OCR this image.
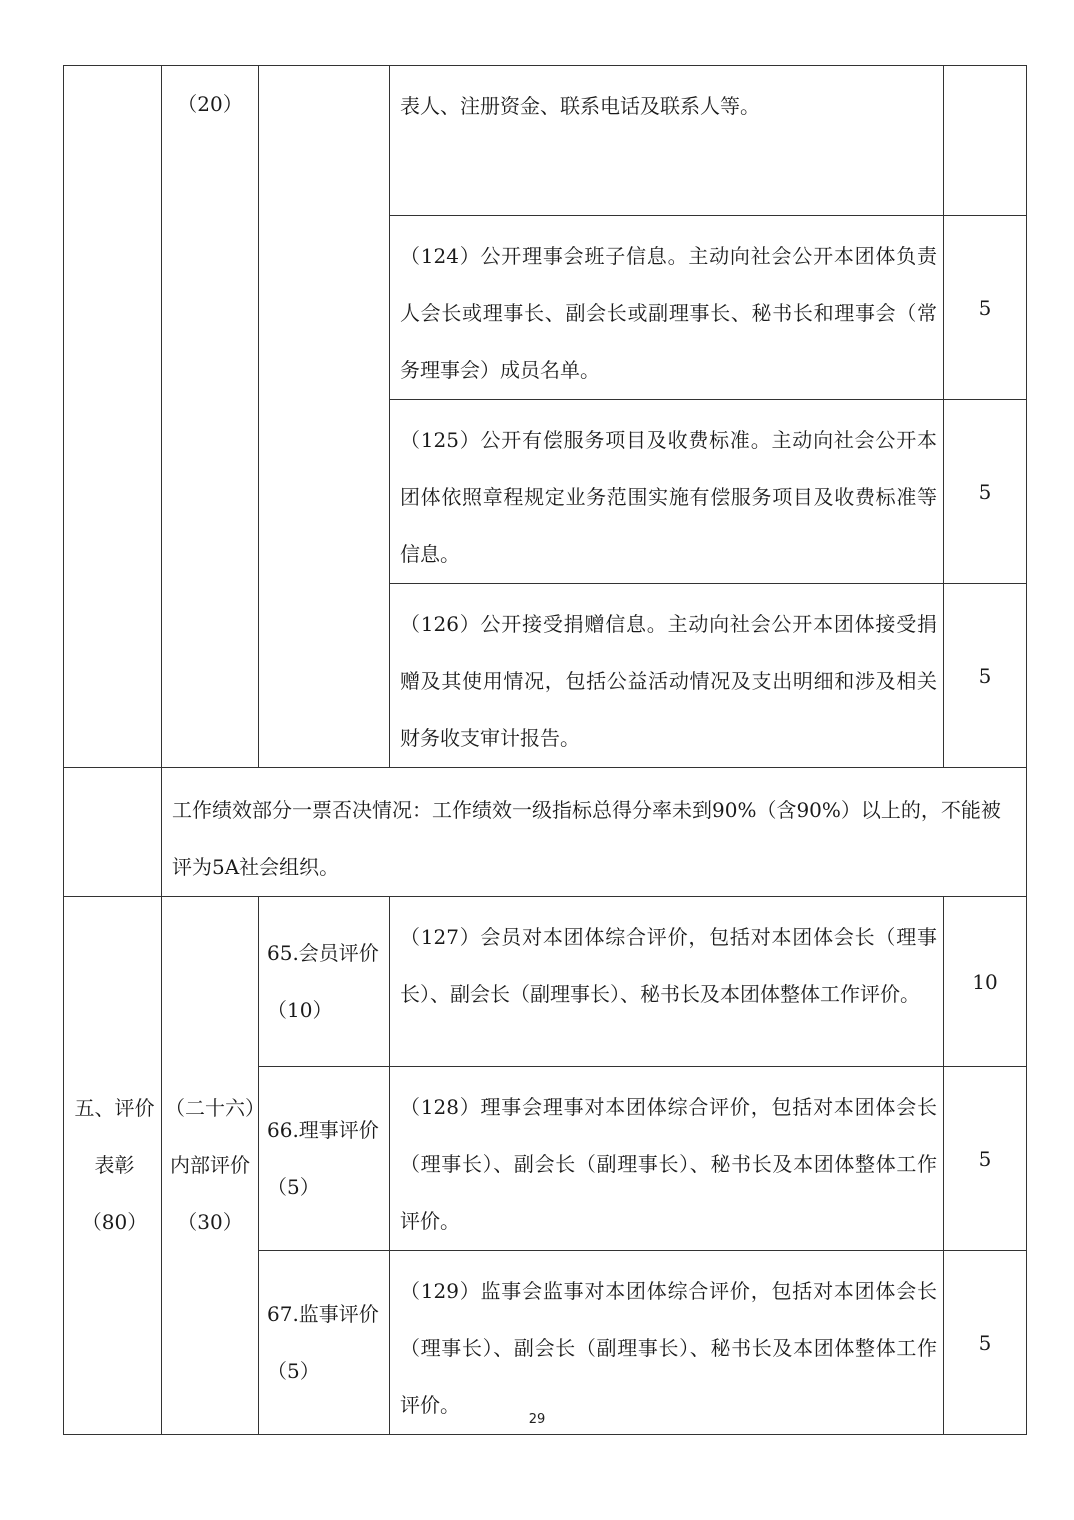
	（20）		表人、注册资金、联系电话及联系人等。	
			（124）公开理事会班子信息。主动向社会公开本团体负责人会长或理事长、副会长或副理事长、秘书长和理事会（常务理事会）成员名单。	5
			（125）公开有偿服务项目及收费标准。主动向社会公开本团体依照章程规定业务范围实施有偿服务项目及收费标准等信息。	5
			（126）公开接受捐赠信息。主动向社会公开本团体接受捐赠及其使用情况，包括公益活动情况及支出明细和涉及相关财务收支审计报告。	5
	工作绩效部分一票否决情况：工作绩效一级指标总得分率未到90%（含90%）以上的，不能被评为5A社会组织。			
五、评价表彰（80）	（二十六）内部评价（30）	65.会员评价（10）	（127）会员对本团体综合评价，包括对本团体会长（理事长）、副会长（副理事长）、秘书长及本团体整体工作评价。	10
		66.理事评价（5）	（128）理事会理事对本团体综合评价，包括对本团体会长（理事长）、副会长（副理事长）、秘书长及本团体整体工作评价。	5
		67.监事评价（5）	（129）监事会监事对本团体综合评价，包括对本团体会长（理事长）、副会长（副理事长）、秘书长及本团体整体工作评价。	5
29
